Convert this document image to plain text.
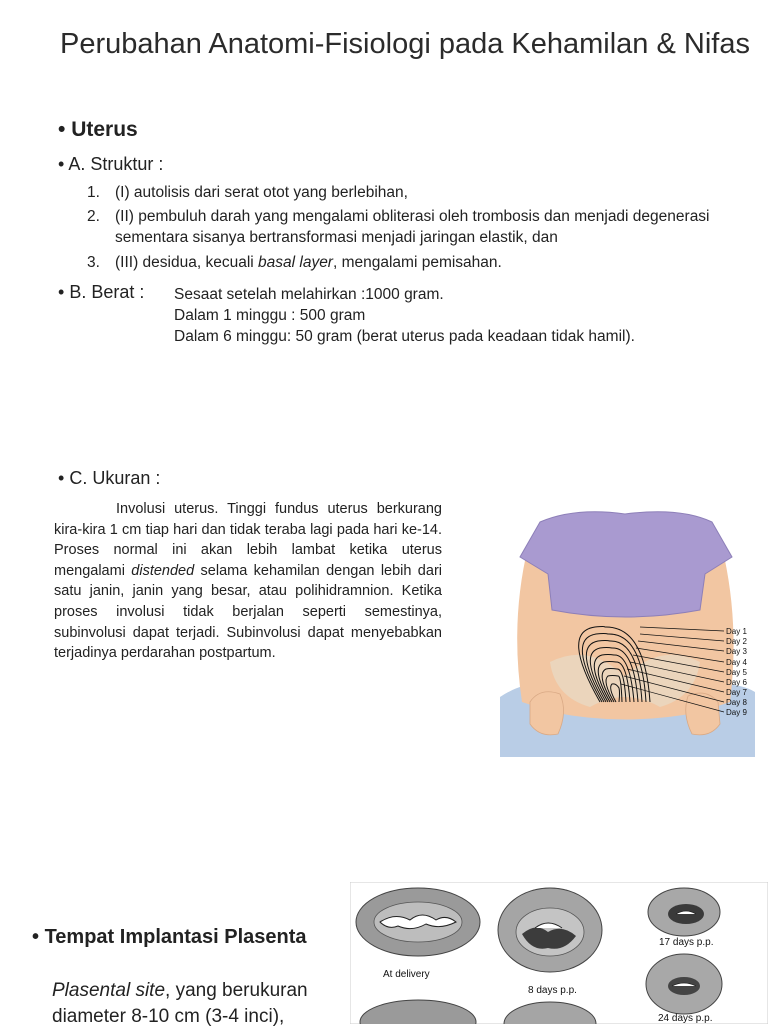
Perubahan Anatomi-Fisiologi pada Kehamilan & Nifas
• Uterus
• A. Struktur :
1. (I) autolisis dari serat otot yang berlebihan,
2. (II) pembuluh darah yang mengalami obliterasi oleh trombosis dan menjadi degenerasi sementara sisanya bertransformasi menjadi jaringan elastik, dan
3. (III) desidua, kecuali basal layer, mengalami pemisahan.
• B. Berat : Sesaat setelah melahirkan :1000 gram.
Dalam 1 minggu : 500 gram
Dalam 6 minggu: 50 gram (berat uterus pada keadaan tidak hamil).
• C. Ukuran :
Involusi uterus. Tinggi fundus uterus berkurang kira-kira 1 cm tiap hari dan tidak teraba lagi pada hari ke-14. Proses normal ini akan lebih lambat ketika uterus mengalami distended selama kehamilan dengan lebih dari satu janin, janin yang besar, atau polihidramnion. Ketika proses involusi tidak berjalan seperti semestinya, subinvolusi dapat terjadi. Subinvolusi dapat menyebabkan terjadinya perdarahan postpartum.
Day 1
Day 2
Day 3
Day 4
Day 5
Day 6
Day 7
Day 8
Day 9
• Tempat Implantasi Plasenta
Plasental site, yang berukuran diameter 8-10 cm (3-4 inci),
At delivery
8 days p.p.
17 days p.p.
24 days p.p.
